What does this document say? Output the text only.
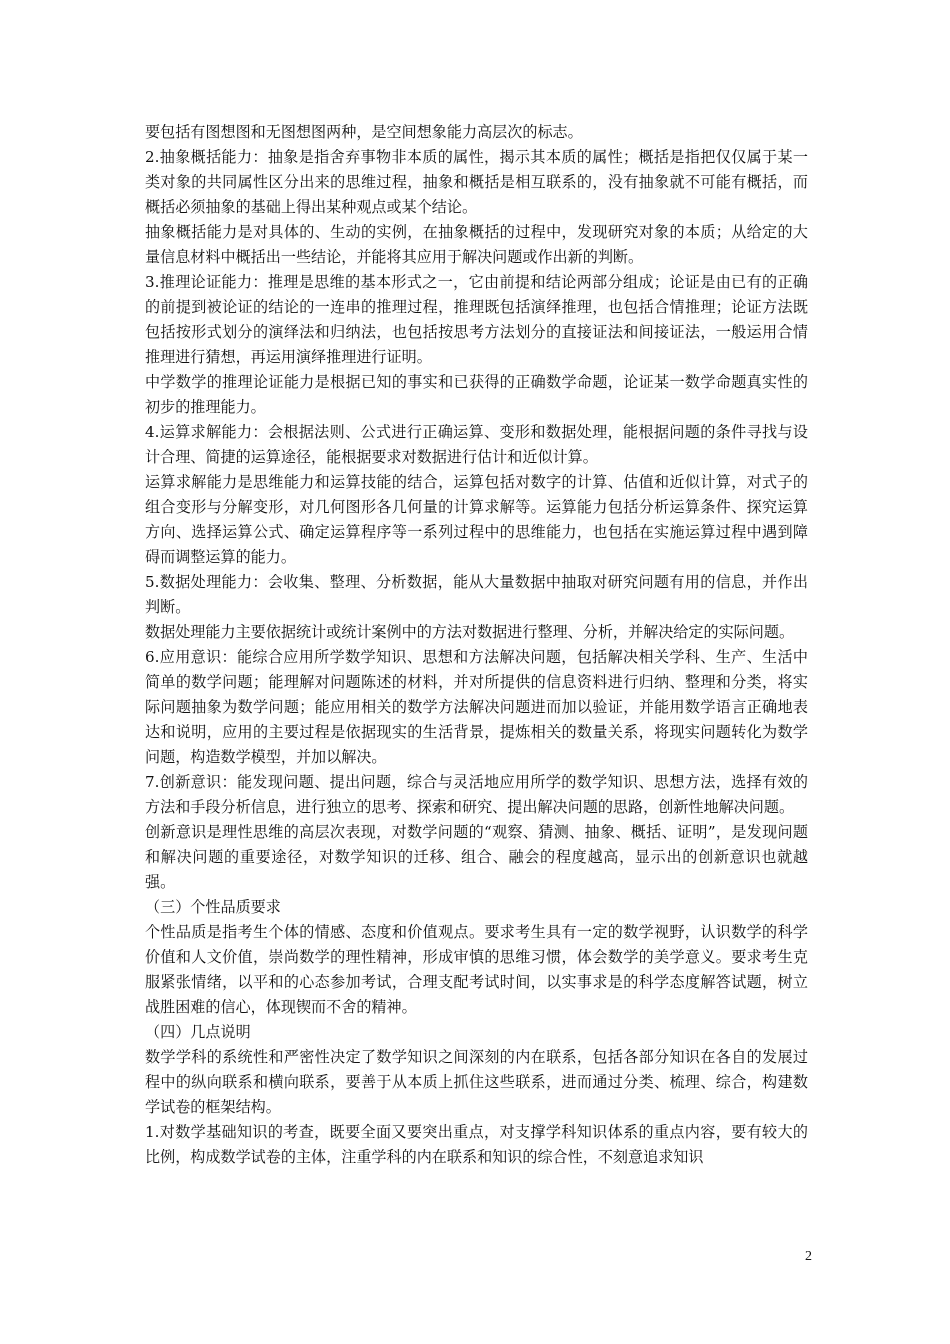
要包括有图想图和无图想图两种，是空间想象能力高层次的标志。

2.抽象概括能力：抽象是指舍弃事物非本质的属性，揭示其本质的属性；概括是指把仅仅属于某一类对象的共同属性区分出来的思维过程，抽象和概括是相互联系的，没有抽象就不可能有概括，而概括必须抽象的基础上得出某种观点或某个结论。

抽象概括能力是对具体的、生动的实例，在抽象概括的过程中，发现研究对象的本质；从给定的大量信息材料中概括出一些结论，并能将其应用于解决问题或作出新的判断。

3.推理论证能力：推理是思维的基本形式之一，它由前提和结论两部分组成；论证是由已有的正确的前提到被论证的结论的一连串的推理过程，推理既包括演绎推理，也包括合情推理；论证方法既包括按形式划分的演绎法和归纳法，也包括按思考方法划分的直接证法和间接证法，一般运用合情推理进行猜想，再运用演绎推理进行证明。

中学数学的推理论证能力是根据已知的事实和已获得的正确数学命题，论证某一数学命题真实性的初步的推理能力。

4.运算求解能力：会根据法则、公式进行正确运算、变形和数据处理，能根据问题的条件寻找与设计合理、简捷的运算途径，能根据要求对数据进行估计和近似计算。

运算求解能力是思维能力和运算技能的结合，运算包括对数字的计算、估值和近似计算，对式子的组合变形与分解变形，对几何图形各几何量的计算求解等。运算能力包括分析运算条件、探究运算方向、选择运算公式、确定运算程序等一系列过程中的思维能力，也包括在实施运算过程中遇到障碍而调整运算的能力。

5.数据处理能力：会收集、整理、分析数据，能从大量数据中抽取对研究问题有用的信息，并作出判断。

数据处理能力主要依据统计或统计案例中的方法对数据进行整理、分析，并解决给定的实际问题。

6.应用意识：能综合应用所学数学知识、思想和方法解决问题，包括解决相关学科、生产、生活中简单的数学问题；能理解对问题陈述的材料，并对所提供的信息资料进行归纳、整理和分类，将实际问题抽象为数学问题；能应用相关的数学方法解决问题进而加以验证，并能用数学语言正确地表达和说明，应用的主要过程是依据现实的生活背景，提炼相关的数量关系，将现实问题转化为数学问题，构造数学模型，并加以解决。

7.创新意识：能发现问题、提出问题，综合与灵活地应用所学的数学知识、思想方法，选择有效的方法和手段分析信息，进行独立的思考、探索和研究、提出解决问题的思路，创新性地解决问题。

创新意识是理性思维的高层次表现，对数学问题的“观察、猜测、抽象、概括、证明”，是发现问题和解决问题的重要途径，对数学知识的迁移、组合、融会的程度越高，显示出的创新意识也就越强。

（三）个性品质要求

个性品质是指考生个体的情感、态度和价值观点。要求考生具有一定的数学视野，认识数学的科学价值和人文价值，崇尚数学的理性精神，形成审慎的思维习惯，体会数学的美学意义。要求考生克服紧张情绪，以平和的心态参加考试，合理支配考试时间，以实事求是的科学态度解答试题，树立战胜困难的信心，体现锲而不舍的精神。

（四）几点说明

数学学科的系统性和严密性决定了数学知识之间深刻的内在联系，包括各部分知识在各自的发展过程中的纵向联系和横向联系，要善于从本质上抓住这些联系，进而通过分类、梳理、综合，构建数学试卷的框架结构。

1.对数学基础知识的考查，既要全面又要突出重点，对支撑学科知识体系的重点内容，要有较大的比例，构成数学试卷的主体，注重学科的内在联系和知识的综合性，不刻意追求知识

2
